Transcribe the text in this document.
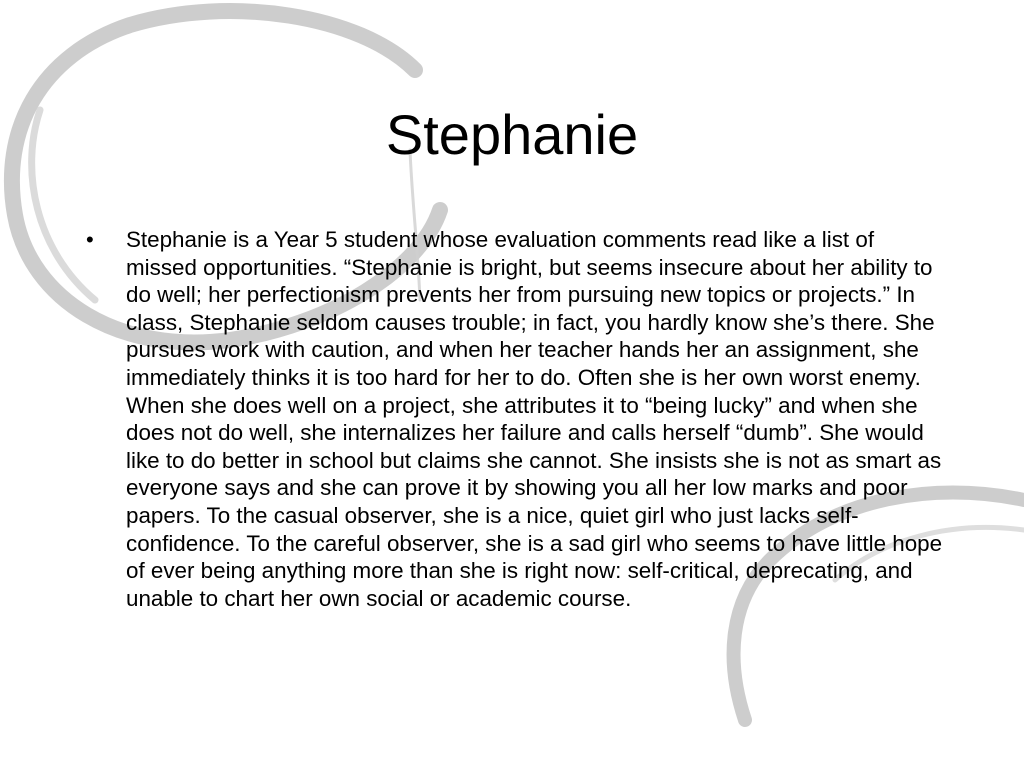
Stephanie
• Stephanie is a Year 5 student whose evaluation comments read like a list of missed opportunities. “Stephanie is bright, but seems insecure about her ability to do well; her perfectionism prevents her from pursuing new topics or projects.” In class, Stephanie seldom causes trouble; in fact, you hardly know she’s there. She pursues work with caution, and when her teacher hands her an assignment, she immediately thinks it is too hard for her to do. Often she is her own worst enemy. When she does well on a project, she attributes it to “being lucky” and when she does not do well, she internalizes her failure and calls herself “dumb”. She would like to do better in school but claims she cannot. She insists she is not as smart as everyone says and she can prove it by showing you all her low marks and poor papers. To the casual observer, she is a nice, quiet girl who just lacks self-confidence. To the careful observer, she is a sad girl who seems to have little hope of ever being anything more than she is right now: self-critical, deprecating, and unable to chart her own social or academic course.
